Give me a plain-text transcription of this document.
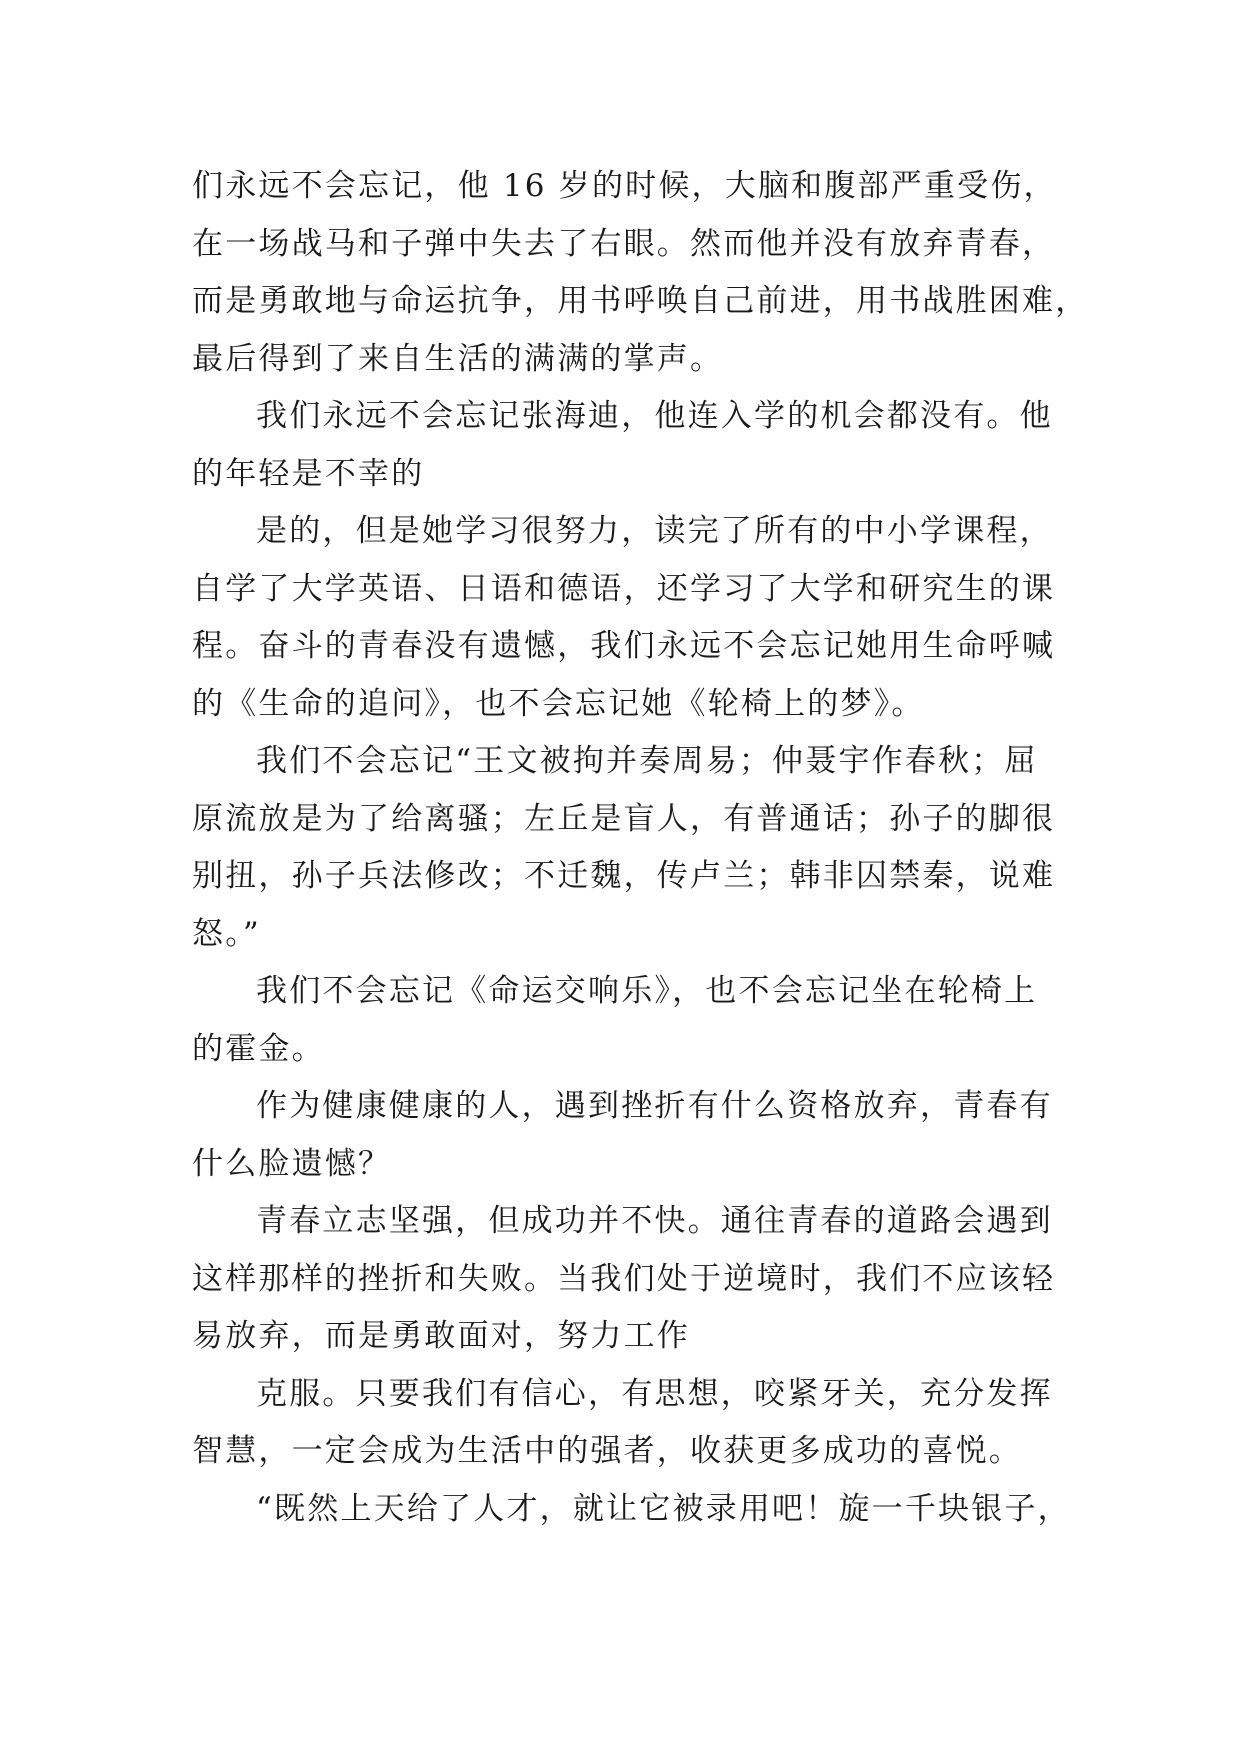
们永远不会忘记，他 16 岁的时候，大脑和腹部严重受伤，
在一场战马和子弹中失去了右眼。然而他并没有放弃青春，
而是勇敢地与命运抗争，用书呼唤自己前进，用书战胜困难，
最后得到了来自生活的满满的掌声。
我们永远不会忘记张海迪，他连入学的机会都没有。他
的年轻是不幸的
是的，但是她学习很努力，读完了所有的中小学课程，
自学了大学英语、日语和德语，还学习了大学和研究生的课
程。奋斗的青春没有遗憾，我们永远不会忘记她用生命呼喊
的《生命的追问》，也不会忘记她《轮椅上的梦》。
我们不会忘记“王文被拘并奏周易；仲聂宇作春秋；屈
原流放是为了给离骚；左丘是盲人，有普通话；孙子的脚很
别扭，孙子兵法修改；不迁魏，传卢兰；韩非囚禁秦，说难
怒。”
我们不会忘记《命运交响乐》，也不会忘记坐在轮椅上
的霍金。
作为健康健康的人，遇到挫折有什么资格放弃，青春有
什么脸遗憾？
青春立志坚强，但成功并不快。通往青春的道路会遇到
这样那样的挫折和失败。当我们处于逆境时，我们不应该轻
易放弃，而是勇敢面对，努力工作
克服。只要我们有信心，有思想，咬紧牙关，充分发挥
智慧，一定会成为生活中的强者，收获更多成功的喜悦。
“既然上天给了人才，就让它被录用吧！旋一千块银子，
